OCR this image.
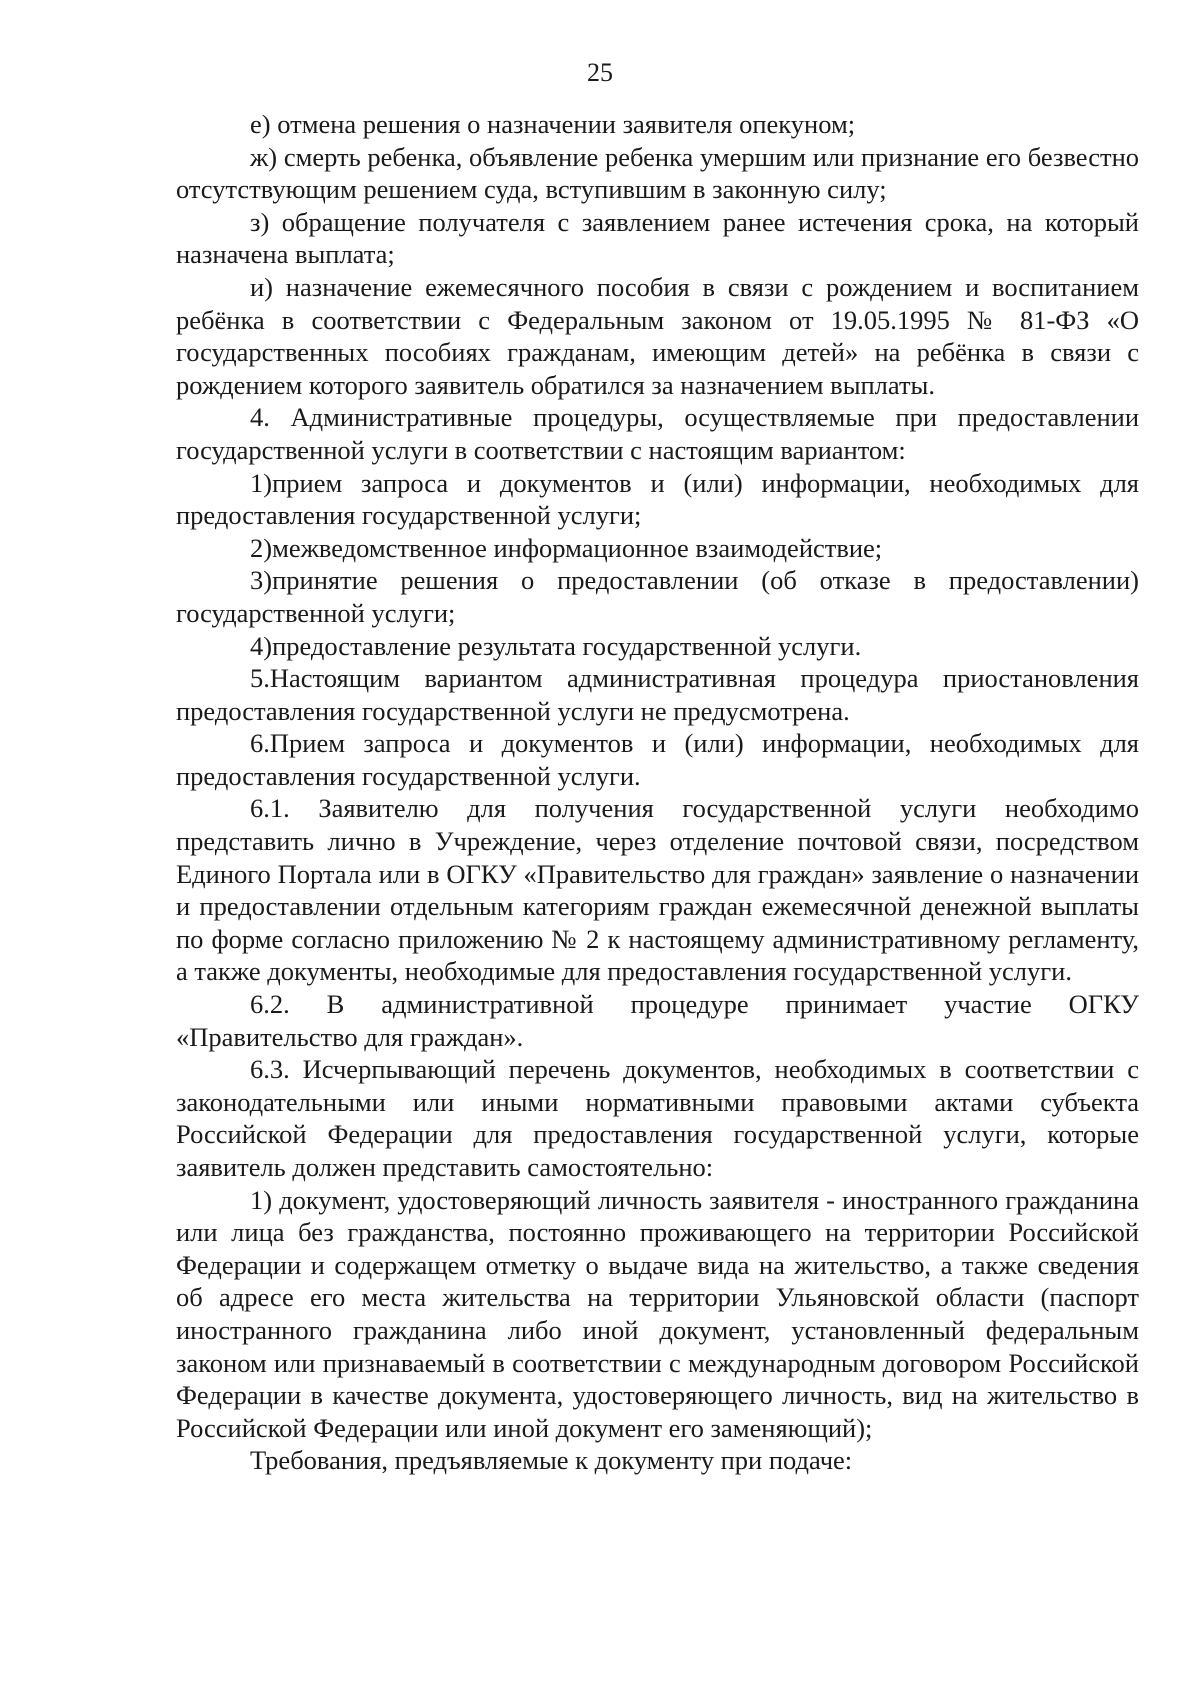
25

е) отмена решения о назначении заявителя опекуном;

ж) смерть ребенка, объявление ребенка умершим или признание его безвестно отсутствующим решением суда, вступившим в законную силу;

з) обращение получателя с заявлением ранее истечения срока, на который назначена выплата;

и) назначение ежемесячного пособия в связи с рождением и воспитанием ребёнка в соответствии с Федеральным законом от 19.05.1995 № 81-ФЗ «О государственных пособиях гражданам, имеющим детей» на ребёнка в связи с рождением которого заявитель обратился за назначением выплаты.

4. Административные процедуры, осуществляемые при предоставлении государственной услуги в соответствии с настоящим вариантом:

1)прием запроса и документов и (или) информации, необходимых для предоставления государственной услуги;

2)межведомственное информационное взаимодействие;

3)принятие решения о предоставлении (об отказе в предоставлении) государственной услуги;

4)предоставление результата государственной услуги.

5.Настоящим вариантом административная процедура приостановления предоставления государственной услуги не предусмотрена.

6.Прием запроса и документов и (или) информации, необходимых для предоставления государственной услуги.

6.1. Заявителю для получения государственной услуги необходимо представить лично в Учреждение, через отделение почтовой связи, посредством Единого Портала или в ОГКУ «Правительство для граждан» заявление о назначении и предоставлении отдельным категориям граждан ежемесячной денежной выплаты по форме согласно приложению № 2 к настоящему административному регламенту, а также документы, необходимые для предоставления государственной услуги.

6.2. В административной процедуре принимает участие ОГКУ «Правительство для граждан».

6.3. Исчерпывающий перечень документов, необходимых в соответствии с законодательными или иными нормативными правовыми актами субъекта Российской Федерации для предоставления государственной услуги, которые заявитель должен представить самостоятельно:

1) документ, удостоверяющий личность заявителя - иностранного гражданина или лица без гражданства, постоянно проживающего на территории Российской Федерации и содержащем отметку о выдаче вида на жительство, а также сведения об адресе его места жительства на территории Ульяновской области (паспорт иностранного гражданина либо иной документ, установленный федеральным законом или признаваемый в соответствии с международным договором Российской Федерации в качестве документа, удостоверяющего личность, вид на жительство в Российской Федерации или иной документ его заменяющий);

Требования, предъявляемые к документу при подаче:
